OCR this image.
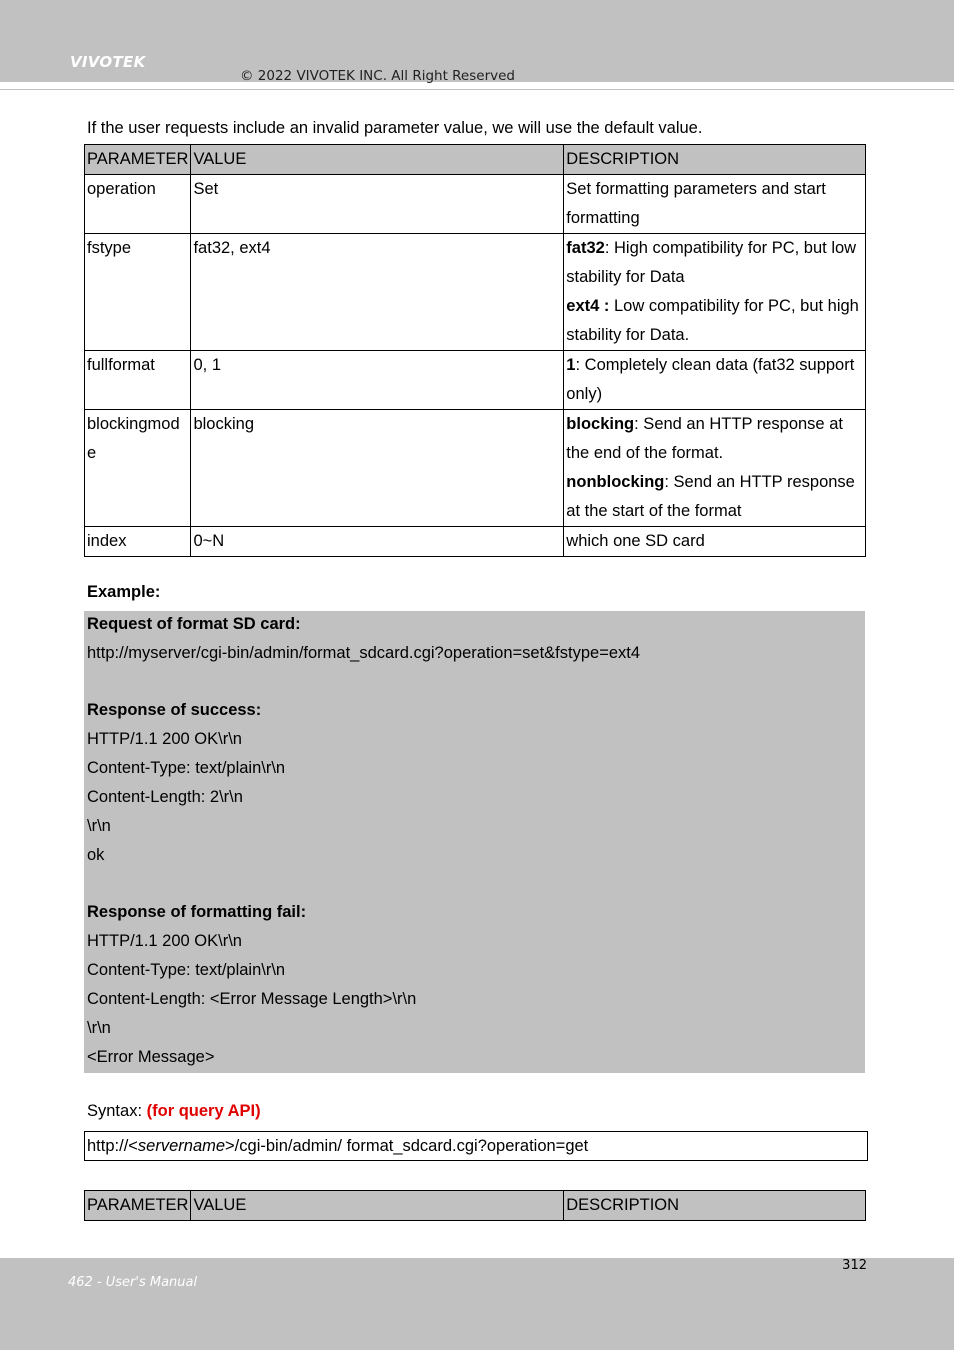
VIVOTEK
© 2022 VIVOTEK INC. All Right Reserved
If the user requests include an invalid parameter value, we will use the default value.
PARAMETER	VALUE	DESCRIPTION
operation	Set	Set formatting parameters and start formatting

fstype	fat32, ext4	fat32: High compatibility for PC, but low stability for Data
ext4 : Low compatibility for PC, but high stability for Data.

fullformat	0, 1	1: Completely clean data (fat32 support only)

blockingmode	blocking	blocking: Send an HTTP response at the end of the format.
nonblocking: Send an HTTP response at the start of the format

index	0~N	which one SD card
Example:
Request of format SD card:
http://myserver/cgi-bin/admin/format_sdcard.cgi?operation=set&fstype=ext4
Response of success:
HTTP/1.1 200 OK\r\n
Content-Type: text/plain\r\n
Content-Length: 2\r\n
\r\n
ok
Response of formatting fail:
HTTP/1.1 200 OK\r\n
Content-Type: text/plain\r\n
Content-Length: <Error Message Length>\r\n
\r\n
<Error Message>
Syntax: (for query API)
http://<servername>/cgi-bin/admin/ format_sdcard.cgi?operation=get
PARAMETER	VALUE	DESCRIPTION
462 - User's Manual
312
